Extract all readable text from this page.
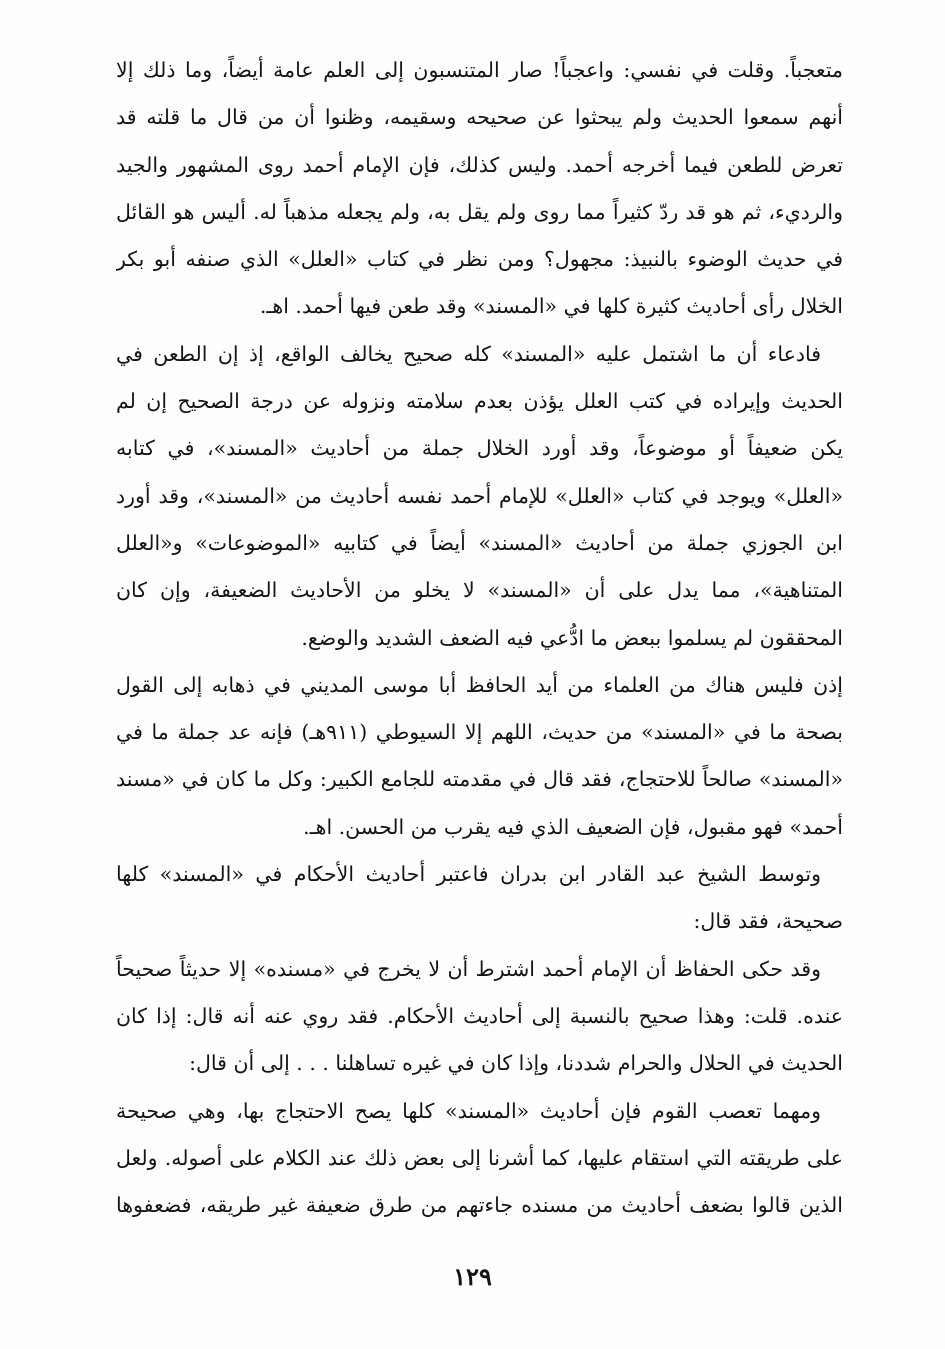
متعجباً. وقلت في نفسي: واعجباً! صار المتنسبون إلى العلم عامة أيضاً، وما ذلك إلا
أنهم سمعوا الحديث ولم يبحثوا عن صحيحه وسقيمه، وظنوا أن من قال ما قلته قد
تعرض للطعن فيما أخرجه أحمد. وليس كذلك، فإن الإمام أحمد روى المشهور والجيد
والرديء، ثم هو قد ردّ كثيراً مما روى ولم يقل به، ولم يجعله مذهباً له. أليس هو القائل
في حديث الوضوء بالنبيذ: مجهول؟ ومن نظر في كتاب «العلل» الذي صنفه أبو بكر
الخلال رأى أحاديث كثيرة كلها في «المسند» وقد طعن فيها أحمد. اهـ.
فادعاء أن ما اشتمل عليه «المسند» كله صحيح يخالف الواقع، إذ إن الطعن في
الحديث وإيراده في كتب العلل يؤذن بعدم سلامته ونزوله عن درجة الصحيح إن لم
يكن ضعيفاً أو موضوعاً، وقد أورد الخلال جملة من أحاديث «المسند»، في كتابه
«العلل» ويوجد في كتاب «العلل» للإمام أحمد نفسه أحاديث من «المسند»، وقد أورد
ابن الجوزي جملة من أحاديث «المسند» أيضاً في كتابيه «الموضوعات» و«العلل
المتناهية»، مما يدل على أن «المسند» لا يخلو من الأحاديث الضعيفة، وإن كان
المحققون لم يسلموا ببعض ما ادُّعي فيه الضعف الشديد والوضع.
إذن فليس هناك من العلماء من أيد الحافظ أبا موسى المديني في ذهابه إلى القول
بصحة ما في «المسند» من حديث، اللهم إلا السيوطي (٩١١هـ) فإنه عد جملة ما في
«المسند» صالحاً للاحتجاج، فقد قال في مقدمته للجامع الكبير: وكل ما كان في «مسند
أحمد» فهو مقبول، فإن الضعيف الذي فيه يقرب من الحسن. اهـ.
وتوسط الشيخ عبد القادر ابن بدران فاعتبر أحاديث الأحكام في «المسند» كلها
صحيحة، فقد قال:
وقد حكى الحفاظ أن الإمام أحمد اشترط أن لا يخرج في «مسنده» إلا حديثاً صحيحاً
عنده. قلت: وهذا صحيح بالنسبة إلى أحاديث الأحكام. فقد روي عنه أنه قال: إذا كان
الحديث في الحلال والحرام شددنا، وإذا كان في غيره تساهلنا . . . إلى أن قال:
ومهما تعصب القوم فإن أحاديث «المسند» كلها يصح الاحتجاج بها، وهي صحيحة
على طريقته التي استقام عليها، كما أشرنا إلى بعض ذلك عند الكلام على أصوله. ولعل
الذين قالوا بضعف أحاديث من مسنده جاءتهم من طرق ضعيفة غير طريقه، فضعفوها
١٢٩
